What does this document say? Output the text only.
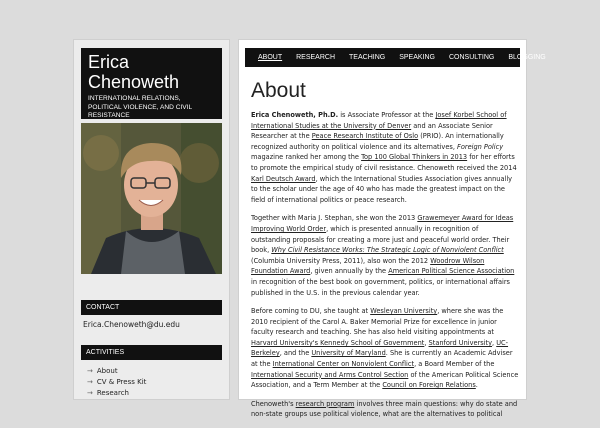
Erica
Chenoweth
INTERNATIONAL RELATIONS, POLITICAL VIOLENCE, AND CIVIL RESISTANCE
CONTACT
Erica.Chenoweth@du.edu
ACTIVITIES
→ About
→ CV & Press Kit
→ Research
ABOUT	RESEARCH	TEACHING	SPEAKING	CONSULTING	BLOGGING
About

Erica Chenoweth, Ph.D. is Associate Professor at the Josef Korbel School of International Studies at the University of Denver and an Associate Senior Researcher at the Peace Research Institute of Oslo (PRIO). An internationally recognized authority on political violence and its alternatives, Foreign Policy magazine ranked her among the Top 100 Global Thinkers in 2013 for her efforts to promote the empirical study of civil resistance. Chenoweth received the 2014 Karl Deutsch Award, which the International Studies Association gives annually to the scholar under the age of 40 who has made the greatest impact on the field of international politics or peace research.

Together with Maria J. Stephan, she won the 2013 Grawemeyer Award for Ideas Improving World Order, which is presented annually in recognition of outstanding proposals for creating a more just and peaceful world order. Their book, Why Civil Resistance Works: The Strategic Logic of Nonviolent Conflict (Columbia University Press, 2011), also won the 2012 Woodrow Wilson Foundation Award, given annually by the American Political Science Association in recognition of the best book on government, politics, or international affairs published in the U.S. in the previous calendar year.

Before coming to DU, she taught at Wesleyan University, where she was the 2010 recipient of the Carol A. Baker Memorial Prize for excellence in junior faculty research and teaching. She has also held visiting appointments at Harvard University's Kennedy School of Government, Stanford University, UC-Berkeley, and the University of Maryland. She is currently an Academic Adviser at the International Center on Nonviolent Conflict, a Board Member of the International Security and Arms Control Section of the American Political Science Association, and a Term Member at the Council on Foreign Relations.

Chenoweth's research program involves three main questions: why do state and non-state groups use political violence, what are the alternatives to political
